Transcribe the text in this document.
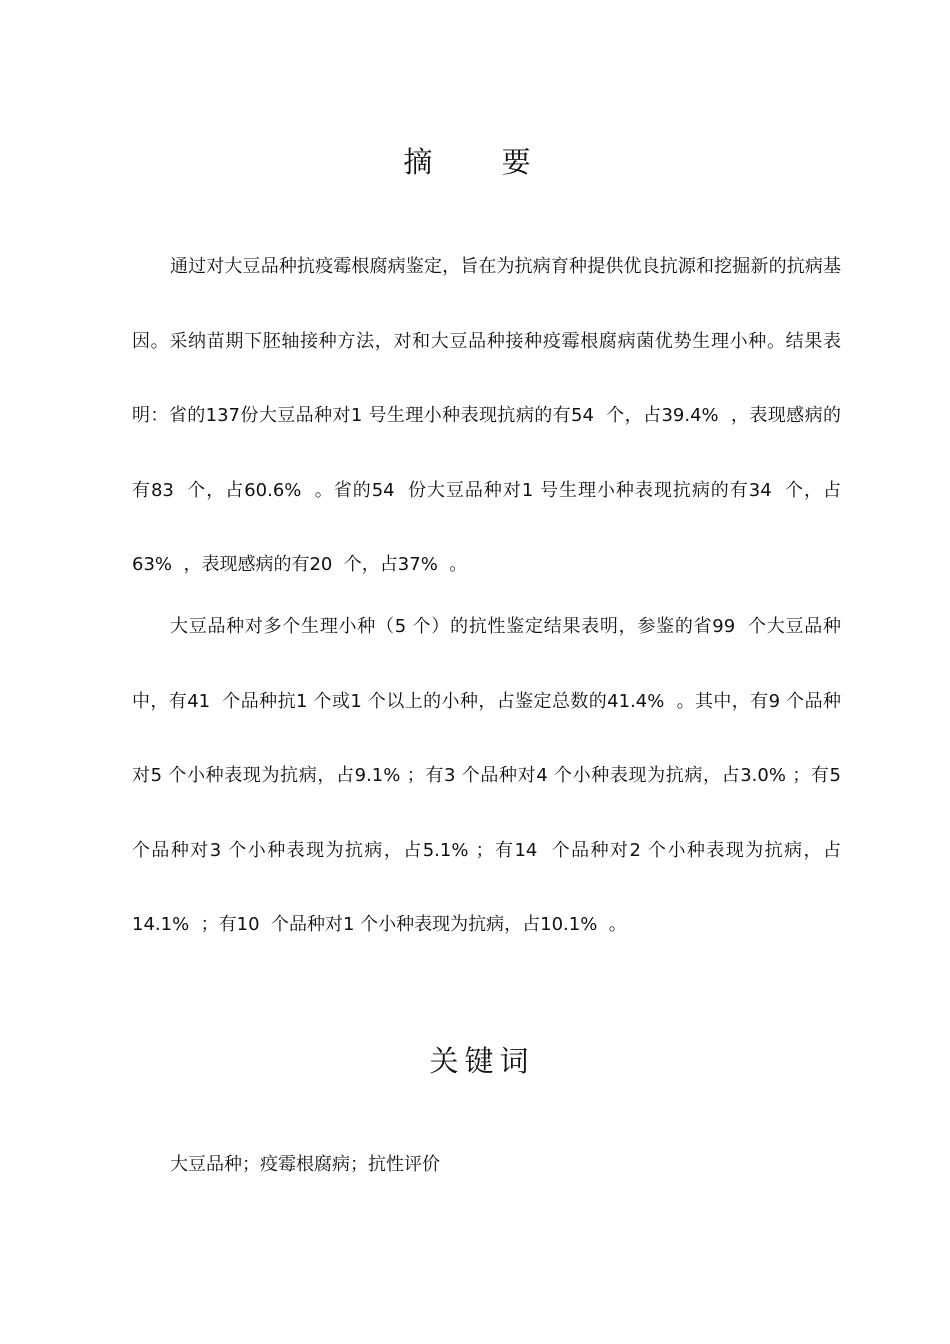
摘 要

通过对大豆品种抗疫霉根腐病鉴定，旨在为抗病育种提供优良抗源和挖掘新的抗病基因。采纳苗期下胚轴接种方法，对和大豆品种接种疫霉根腐病菌优势生理小种。结果表明：省的137份大豆品种对1 号生理小种表现抗病的有54  个，占39.4%  ，表现感病的有83  个，占60.6%  。省的54  份大豆品种对1 号生理小种表现抗病的有34  个，占63%  ，表现感病的有20  个，占37%  。

大豆品种对多个生理小种（5 个）的抗性鉴定结果表明，参鉴的省99  个大豆品种中，有41  个品种抗1 个或1 个以上的小种，占鉴定总数的41.4%  。其中，有9 个品种对5 个小种表现为抗病，占9.1% ；有3 个品种对4 个小种表现为抗病，占3.0% ；有5 个品种对3 个小种表现为抗病，占5.1% ；有14  个品种对2 个小种表现为抗病，占14.1%  ；有10  个品种对1 个小种表现为抗病，占10.1%  。

关键词

大豆品种；疫霉根腐病；抗性评价
